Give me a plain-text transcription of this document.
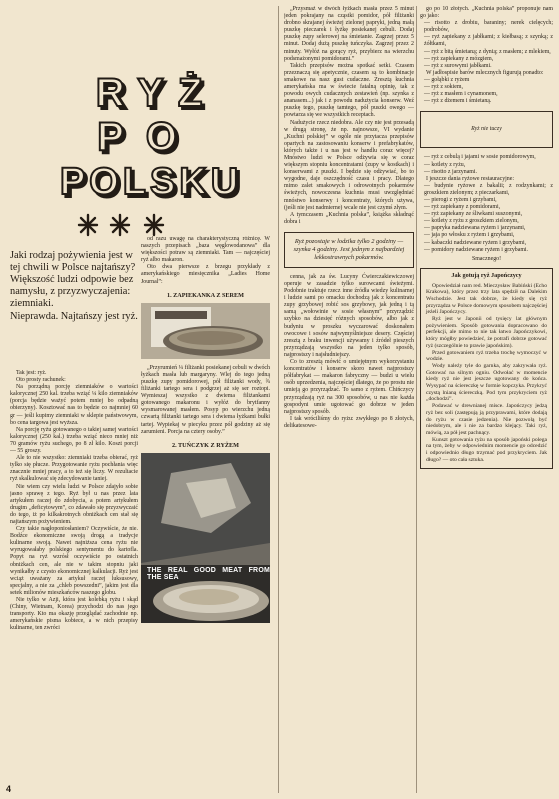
RYŻ
PO
POLSKU

Jaki rodzaj pożywienia jest w tej chwili w Polsce najtańszy? Większość ludzi odpowie bez namysłu, z przyzwyczajenia: ziemniaki.

Nieprawda. Najtańszy jest ryż.

Tak jest: ryż.

Oto prosty rachunek:

Na porządną porcję ziemniaków o wartości kalorycznej 250 kal. trzeba wziąć ¼ kilo ziemniaków (porcja będzie ważyć potem mniej bo odpadną obierzyny). Kosztować nas to będzie co najmniej 60 gr — jeśli kupimy ziemniaki w sklepie państwowym, bo cena targowa jest wyższa.

Na porcję ryżu gotowanego o takiej samej wartości kalorycznej (250 kal.) trzeba wziąć nieco mniej niż 70 gramów ryżu suchego, po 8 zł kilo. Koszt porcji — 55 groszy.

Ale to nie wszystko: ziemniaki trzeba obierać, ryż tylko się płucze. Przygotowanie ryżu pochłania więc znacznie mniej pracy, a to też się liczy. W rezultacie ryż skalkulować się zdecydowanie taniej.

Nie wiem czy wielu ludzi w Polsce zdajyło sobie jasno sprawę z tego. Ryż był u nas przez lata artykułem raczej do zdobycia, a potem artykułem drugim „deficytowym”, co zdawało się przyzwyczaić do tego, iż po kilkakrotnych obniżkach cen stał się najtańszym pożywieniem.

Czy takie nagłoponiosłaniem? Oczywiście, że nie. Bodźce ekonomiczne swoją drogą a tradycje kulinarne swoją. Nawet najniższa cena ryżu nie wyrugowałaby polskiego sentymentu do kartofla. Popyt na ryż wzrósł oczywiście po ostatnich obniżkach cen, ale nie w takim stopniu jaki wynikałby z czysto ekonomicznej kalkulacji. Ryż jest wciąż uważany za artykuł raczej luksusowy, specjalny, a nie za „chleb powszedni”, jakim jest dla setek milionów mieszkańców naszego globu.

Nie tylko w Azji, która jest kolebką ryżu i skąd (Chiny, Wietnam, Korea) przychodzi do nas jego transporty. Kto ma okazję przeglądać zachodnie np. amerykańskie pisma kobiece, a w nich przepisy kulinarne, ten zwróci

od razu uwagę na charakterystyczną różnicę. W naszych przepisach „baza węglowodanowa” dla większości potraw są ziemniaki. Tam — najczęściej ryż albo makaron.

Oto dwa pierwsze z brzegu przykłady z amerykańskiego miesięcznika „Ladies Home Journal”:

1. ZAPIEKANKA Z SEREM

„Przyrumień ¼ filiżanki posiekanej cebuli w dwóch łyżkach masła lub margaryny. Wlej do tego jedną puszkę zupy pomidorowej, pół filiżanki wody, ¾ filiżanki tartego sera i podgrzej aż się ser roztopi. Wymieszaj wszystko z dwiema filiżankami gotowanego makaronu i wyłóż do brytfanny wysmarowanej masłem. Posyp po wierzchu jedną czwartą filiżanki tartego sera i dwiema łyżkami bułki tartej. Wypiekaj w piecyku przez pół godziny aż się zarumieni. Porcja na cztery osoby.”

2. TUŃCZYK Z RYŻEM

THE REAL GOOD MEAT FROM THE SEA

„Przysmaż w dwóch łyżkach masła przez 5 minut jeden pokrajany na cząstki pomidor, pół filiżanki drobno skrajanej świeżej zielonej papryki, jedną małą puszkę pieczarek i łyżkę posiekanej cebuli. Dodaj puszkę zupy selerowej na śmietanie. Zagrzej przez 5 minut. Dodaj dużą puszkę tuńczyka. Zagrzej przez 2 minuty. Wyłóż na gorący ryż, przybierz na wierzchu podsmażonymi pomidorami.”

Takich przepisów można spotkać setki. Czasem przeznaczą się apetycznie, czasem są to kombinacje smakowe na nasz gust cudaczne. Zresztą kuchnia amerykańska ma w świecie fatalną opinię, tak z powodu owych cudacznych zestawień (np. szynka z ananasem...) jak i z powodu nadużycia konserw. Weź puszkę tego, puszkę tamtego, pół puszki owego — powtarza się we wszystkich receptach.

Nadużycie rzecz niedobra. Ale czy nie jest przesadą w drugą stronę, że np. najnowsze, VI wydanie „Kuchni polskiej” w ogóle nie przytacza przepisów opartych na zastosowaniu konserw i prefabrykatów, których także i u nas jest w handlu coraz więcej? Mnóstwo ludzi w Polsce odżywia się w coraz większym stopniu koncentratami (zupy w kostkach) i konserwami z puszki. I będzie się odżywiać, bo to wygodne, daje oszczędność czasu i pracy. Dlatego mimo zalet smakowych i odrowotnych pokarmów świeżych, nowoczesna kuchnia musi uwzględniać mnóstwo konserwy i koncentraty, których używa, (jeśli nie jest nadmierne) wcale nie jest czymś złym.

A tymczasem „Kuchnia polska”, książka składnąć dobra i

Ryż pozostaje w lodzika tylko 2 godziny — szynka 4 godziny. Jest jednym z najbardziej lekkostrawnych pokarmów.

cenna, jak za św. Lucyny Ćwierczakiewiczowej operuje w zasadzie tylko surowcami świeżymi. Podobnie traktuje rzecz inne źródła wiedzy kulinarnej i ludzie sami po omacku dochodzą jak z koncentratu zupy grzybowej robić sos grzybowy, jak jedną i tą samą „wołowinie w sosie własnym” przyrządzić szybko na dziesięć różnych sposobów, albo jak z budyniu w proszku wyczarować doskonałem owocowe i sosów najwymyślniejsze desery. Częściej zresztą z braku inwencji używamy i źródeł pieszych przyrządzają wszystko na jeden tylko sposób, najprostszy i najsłudniejszy.

Co to zresztą mówić o umiejętnym wykorzystaniu koncentratów i konserw skoro nawet najprostszy półfabrykat — makaron fabryczny — budzi u wielu osób uprzedzenia, najczęściej dlatego, że po prostu nie umieją go przyrządzać. To samo z ryżem. Chińczycy przyrządzają ryż na 300 sposobów, u nas nie każda gospodyni umie ugotować go dobrze w jeden najprostszy sposób.

I tak wróciliśmy do ryżu: zwykłego po 8 złotych, delikatesowe-

go po 10 złotych. „Kuchnia polska” proponuje nam go jako:

— risotto z drobiu, baraniny; nerek cielęcych; podrobów,
— ryż zapiekany z jabłkami; z kiełbasą; z szynką; z żółtkami,
— ryż z bitą śmietaną; z dynią; z masłem; z mlekiem,
— ryż zapiekany z mózgiem,
— ryż z surowymi jabłkami.

W jadłospisie barów mlecznych figurują ponadto:

— gołąbki z ryżem
— ryż z sokiem,
— ryż z masłem i cynamonem,
— ryż z dżemem i śmietaną.

Ryż nie tuczy

— ryż z cebulą i jajami w sosie pomidorowym,
— kotlety z ryżu,
— risotto z jarzynami.

I jeszcze dania ryżowe restauracyjne:

— budynie ryżowe z bakalii; z rodzynkami; z groszkiem zielonym; z pieczarkami,
— pierogi z ryżem i grzybami,
— ryż zapiekany z pomidorami,
— ryż zapiekany ze śliwkami suszonymi,
— kotlety z ryżu z groszkiem zielonym,
— papryka nadziewana ryżem i jarzynami,
— jaja po włosku z ryżem i grzybami,
— kabaczki nadziewane ryżem i grzybami,
— pomidory nadziewane ryżem i grzybami.

Smacznego!

Jak gotują ryż Japończycy

Opowiedział nam red. Mieczysław Babiński (Echo Krakowa), który przez trzy lata spędził na Dalekim Wschodzie. Jest tak dobrze, że kiedy się ryż przyrządza w Polsce domowym sposobem najczęściej jeżeli Japończycy.

Ryż jest w Japonii od tysięcy lat głównym pożywieniem. Sposób gotowania dopracowano do perfekcji, ale mimo to nie tak łatwo Japończykowi, który mógłby powiedzieć, że potrafi dobrze gotować ryż (szczególnie to prawie japońskim).

Przed gotowaniem ryż trzeba trochę wymoczyć w wodzie.

Wody należy tyle do garnka, aby zakrywała ryż. Gotować na silnym ogniu. Odwołać w momencie kiedy ryż nie jest jeszcze ugotowany do końca. Wysypać na ściereczkę w formie kopczyka. Przykryć czystą lnianą ściereczką. Pod tym przykryciem ryż „dochodzi”.

Podawać w drewnianej misce. Japończycy jedzą ryż bez soli (zastępują ją przyprawami, które dodają do ryżu w czasie jedzenia). Nie pozwolą być niedobrym, ale i nie za bardzo klejący. Taki ryż, mówią, za pół jest pachnący.

Kunszt gotowania ryżu na sposób japoński polega na tym, żeby w odpowiednim momencie go odcedzić i odpowiednio długo trzymać pod przykryciem. Jak długo? — oto cała sztuka.

4
